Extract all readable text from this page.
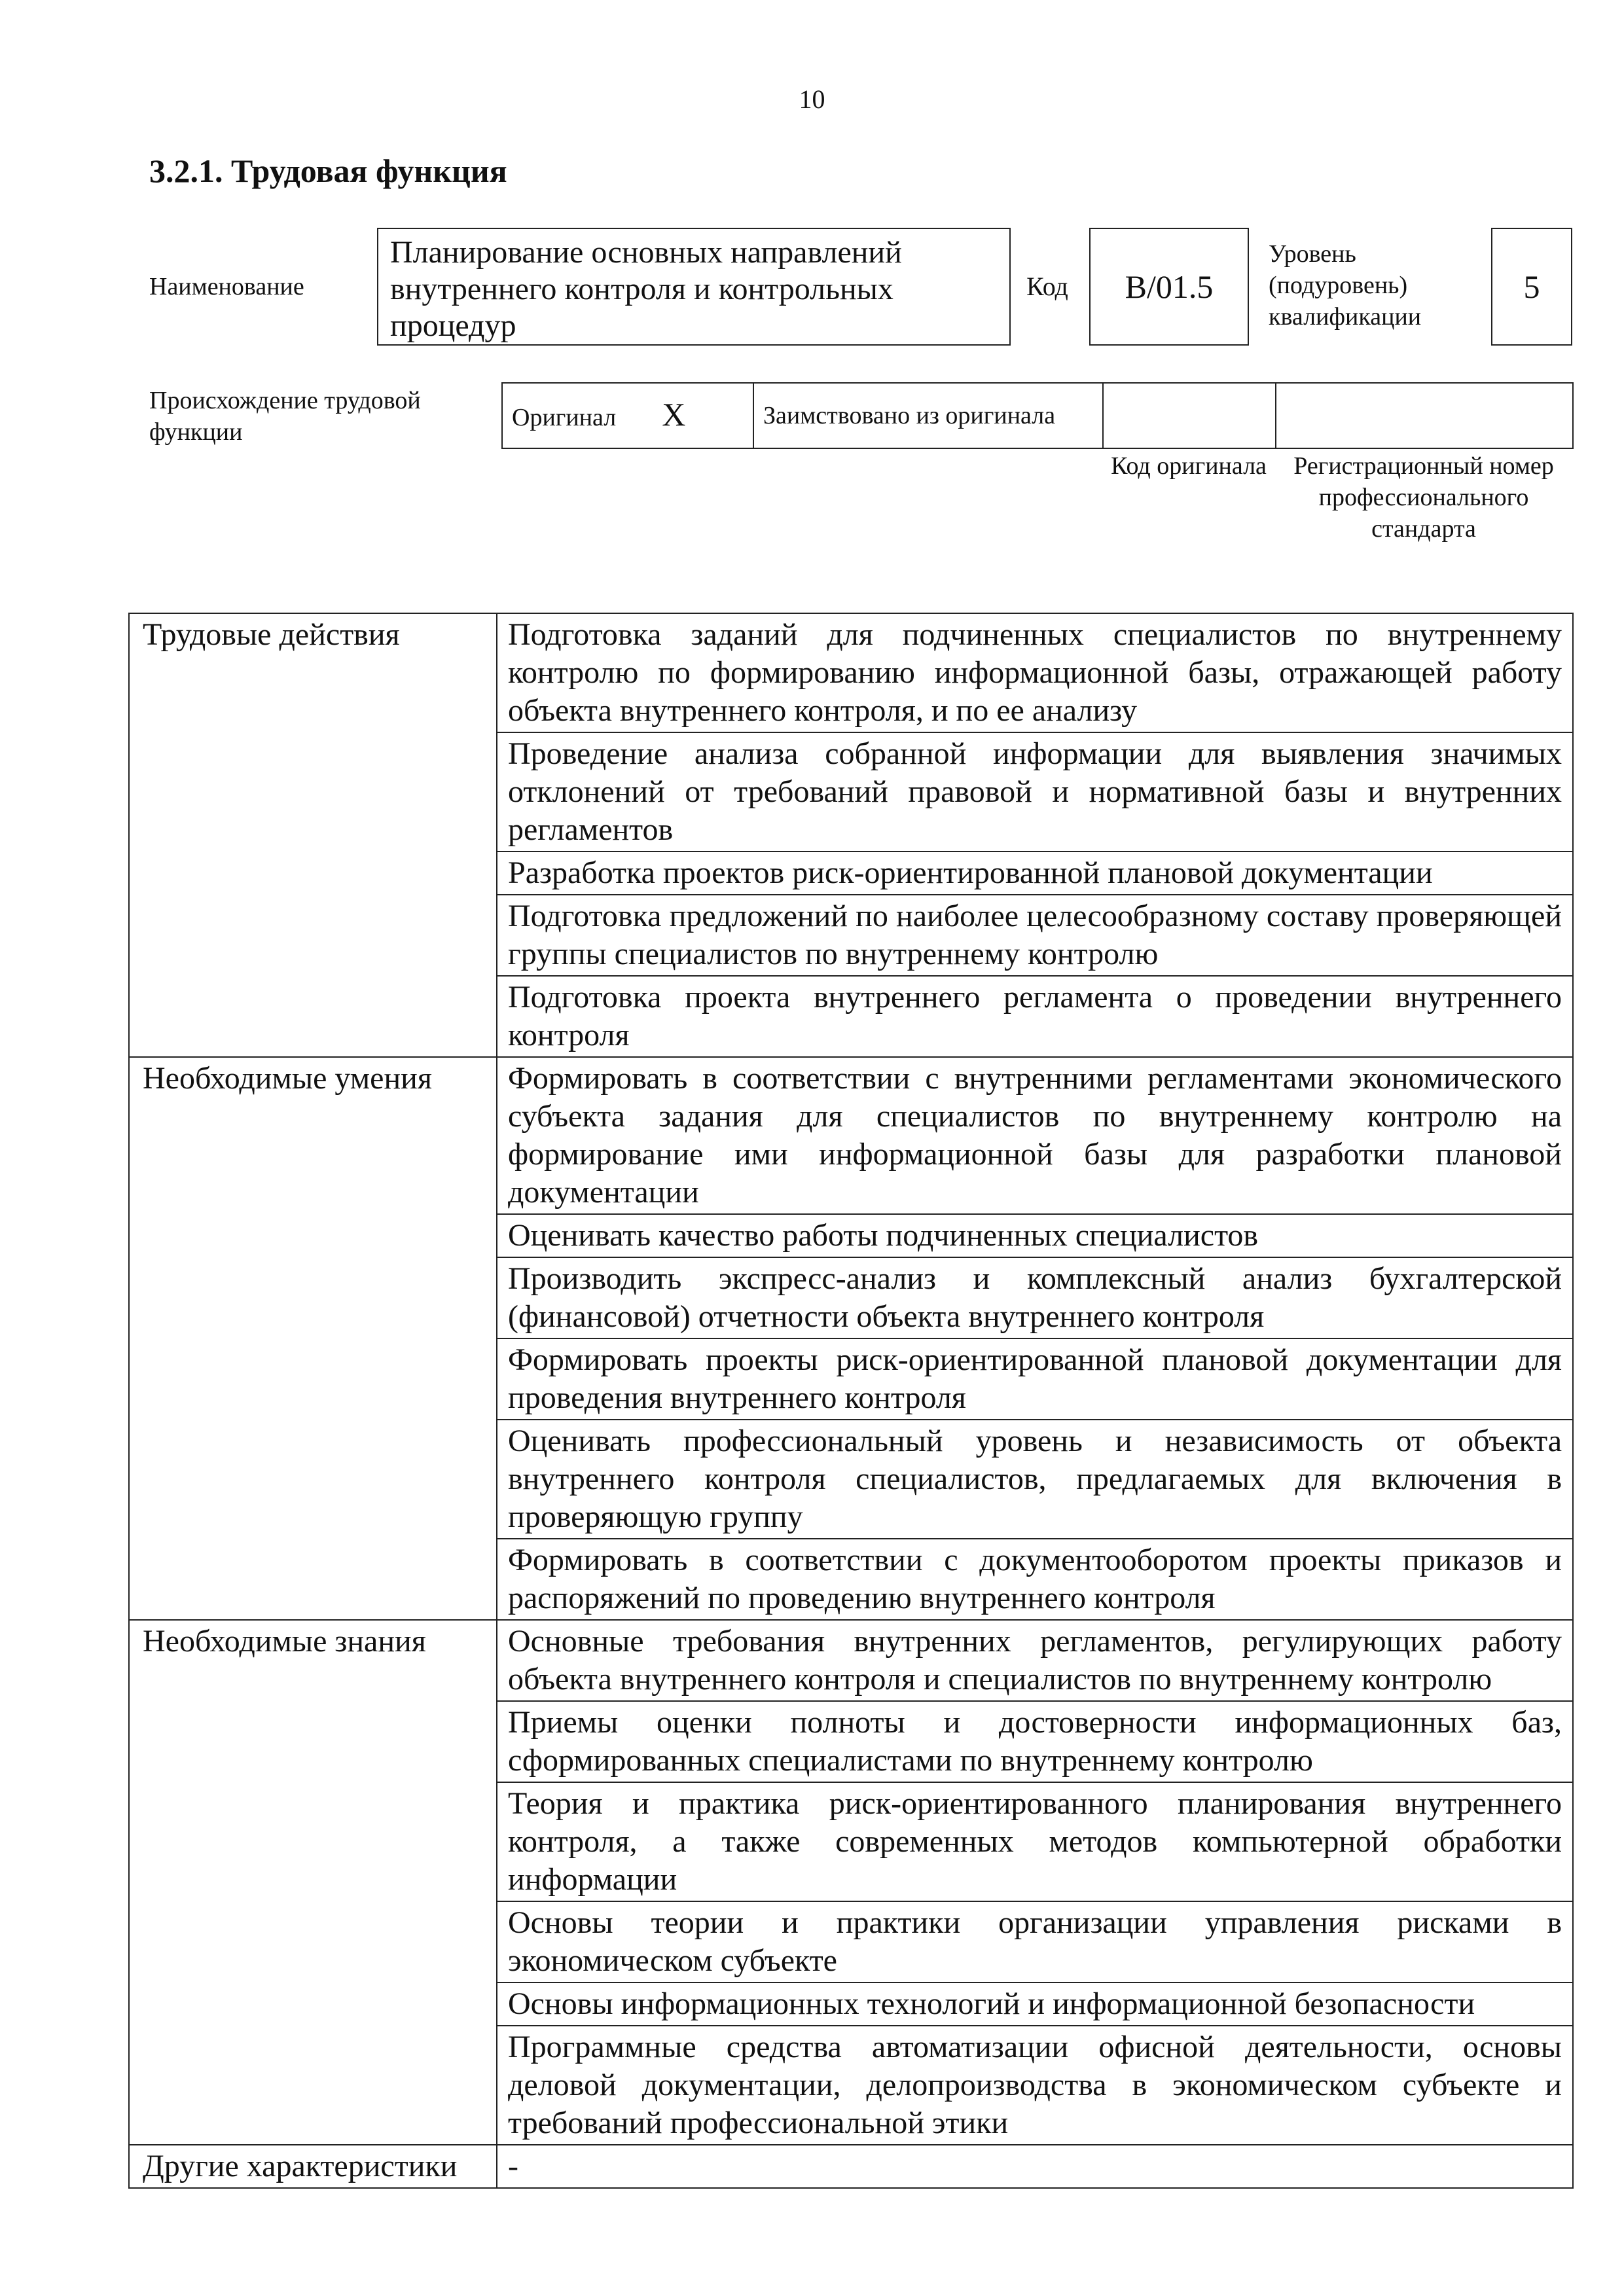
10
3.2.1. Трудовая функция
Наименование
Планирование основных направлений внутреннего контроля и контрольных процедур
Код B/01.5
Уровень (подуровень) квалификации
5
Происхождение трудовой функции
Оригинал X	Заимствовано из оригинала		
Код оригинала	Регистрационный номер профессионального стандарта
Трудовые действия	Подготовка заданий для подчиненных специалистов по внутреннему контролю по формированию информационной базы, отражающей работу объекта внутреннего контроля, и по ее анализу
	Проведение анализа собранной информации для выявления значимых отклонений от требований правовой и нормативной базы и внутренних регламентов
	Разработка проектов риск-ориентированной плановой документации
	Подготовка предложений по наиболее целесообразному составу проверяющей группы специалистов по внутреннему контролю
	Подготовка проекта внутреннего регламента о проведении внутреннего контроля
Необходимые умения	Формировать в соответствии с внутренними регламентами экономического субъекта задания для специалистов по внутреннему контролю на формирование ими информационной базы для разработки плановой документации
	Оценивать качество работы подчиненных специалистов
	Производить экспресс-анализ и комплексный анализ бухгалтерской (финансовой) отчетности объекта внутреннего контроля
	Формировать проекты риск-ориентированной плановой документации для проведения внутреннего контроля
	Оценивать профессиональный уровень и независимость от объекта внутреннего контроля специалистов, предлагаемых для включения в проверяющую группу
	Формировать в соответствии с документооборотом проекты приказов и распоряжений по проведению внутреннего контроля
Необходимые знания	Основные требования внутренних регламентов, регулирующих работу объекта внутреннего контроля и специалистов по внутреннему контролю
	Приемы оценки полноты и достоверности информационных баз, сформированных специалистами по внутреннему контролю
	Теория и практика риск-ориентированного планирования внутреннего контроля, а также современных методов компьютерной обработки информации
	Основы теории и практики организации управления рисками в экономическом субъекте
	Основы информационных технологий и информационной безопасности
	Программные средства автоматизации офисной деятельности, основы деловой документации, делопроизводства в экономическом субъекте и требований профессиональной этики
Другие характеристики	-
